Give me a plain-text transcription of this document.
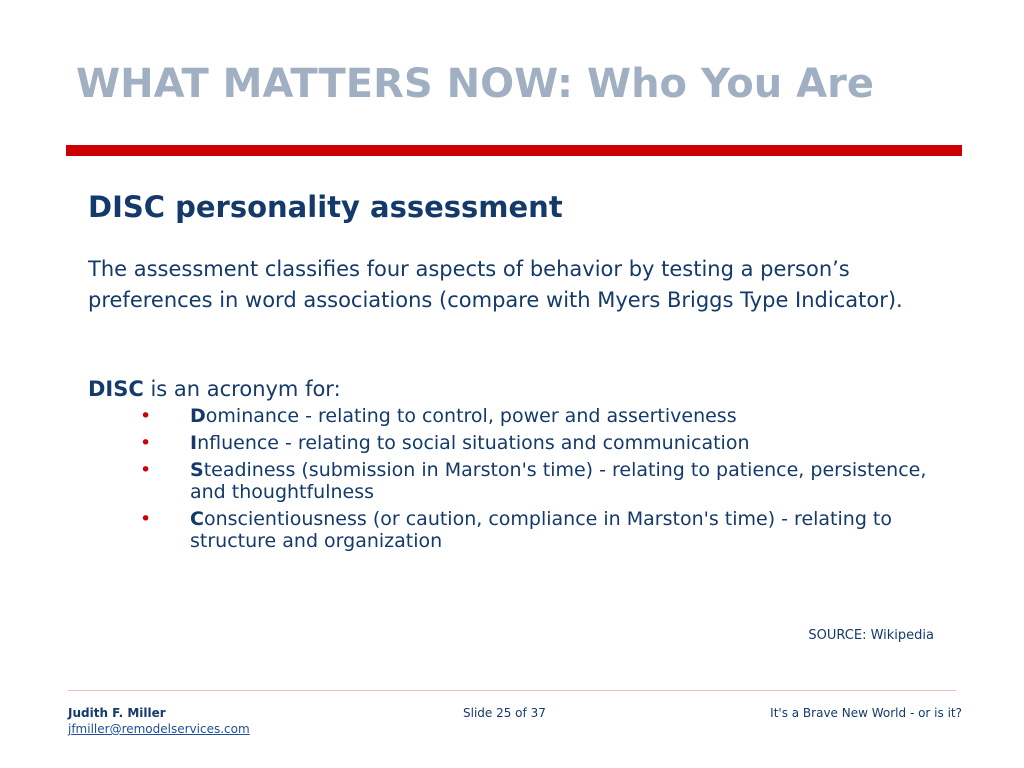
WHAT MATTERS NOW: Who You Are
DISC personality assessment

The assessment classifies four aspects of behavior by testing a person’s preferences in word associations (compare with Myers Briggs Type Indicator).

DISC is an acronym for:

• Dominance - relating to control, power and assertiveness
• Influence - relating to social situations and communication
• Steadiness (submission in Marston's time) - relating to patience, persistence, and thoughtfulness
• Conscientiousness (or caution, compliance in Marston's time) - relating to structure and organization

SOURCE: Wikipedia

Judith F. Miller

jfmiller@remodelservices.com

Slide 25 of 37	It's a Brave New World - or is it?
